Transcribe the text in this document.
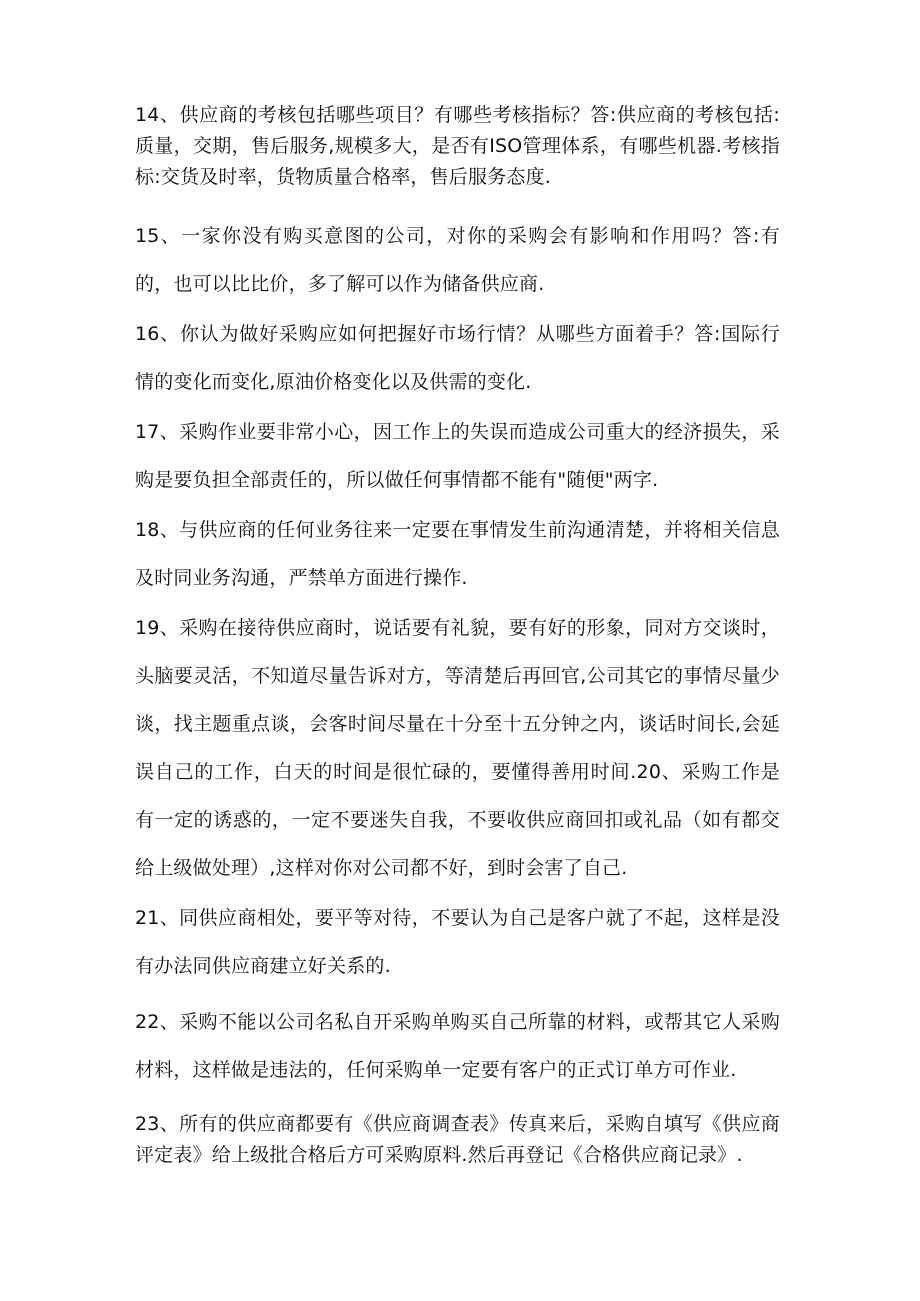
14、供应商的考核包括哪些项目？有哪些考核指标？答:供应商的考核包括:质量，交期，售后服务,规模多大，是否有ISO管理体系，有哪些机器.考核指标:交货及时率，货物质量合格率，售后服务态度.

15、一家你没有购买意图的公司，对你的采购会有影响和作用吗？答:有的，也可以比比价，多了解可以作为储备供应商.

16、你认为做好采购应如何把握好市场行情？从哪些方面着手？答:国际行情的变化而变化,原油价格变化以及供需的变化.

17、采购作业要非常小心，因工作上的失误而造成公司重大的经济损失，采购是要负担全部责任的，所以做任何事情都不能有"随便"两字.

18、与供应商的任何业务往来一定要在事情发生前沟通清楚，并将相关信息及时同业务沟通，严禁单方面进行操作.

19、采购在接待供应商时，说话要有礼貌，要有好的形象，同对方交谈时，头脑要灵活，不知道尽量告诉对方，等清楚后再回官,公司其它的事情尽量少谈，找主题重点谈，会客时间尽量在十分至十五分钟之内，谈话时间长,会延误自己的工作，白天的时间是很忙碌的，要懂得善用时间.20、采购工作是有一定的诱惑的，一定不要迷失自我，不要收供应商回扣或礼品（如有都交给上级做处理）,这样对你对公司都不好，到时会害了自己.

21、同供应商相处，要平等对待，不要认为自己是客户就了不起，这样是没有办法同供应商建立好关系的.

22、采购不能以公司名私自开采购单购买自己所靠的材料，或帮其它人采购材料，这样做是违法的，任何采购单一定要有客户的正式订单方可作业.

23、所有的供应商都要有《供应商调查表》传真来后，采购自填写《供应商评定表》给上级批合格后方可采购原料.然后再登记《合格供应商记录》.
